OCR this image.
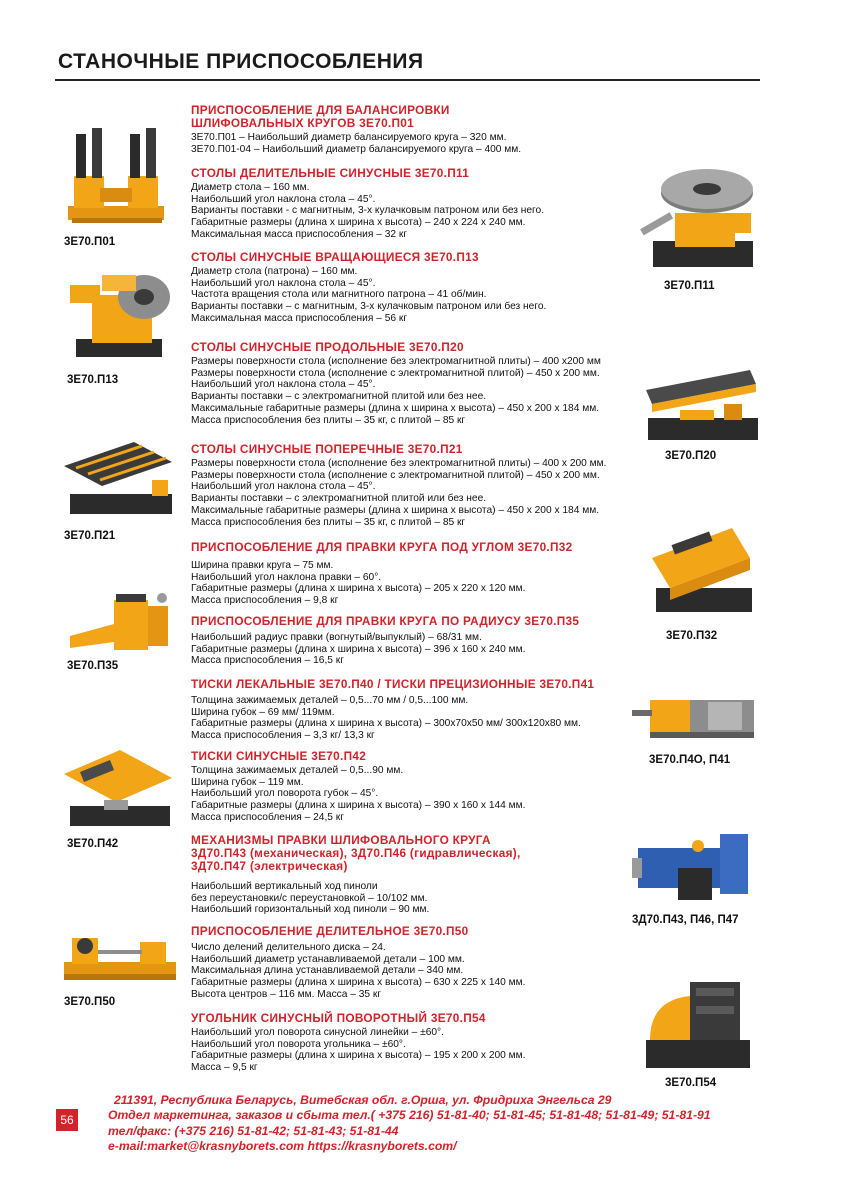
СТАНОЧНЫЕ ПРИСПОСОБЛЕНИЯ
ПРИСПОСОБЛЕНИЕ ДЛЯ БАЛАНСИРОВКИ
ШЛИФОВАЛЬНЫХ КРУГОВ 3Е70.П01
3Е70.П01 – Наибольший диаметр балансируемого круга – 320 мм.
3Е70.П01-04 – Наибольший диаметр балансируемого круга – 400 мм.
СТОЛЫ ДЕЛИТЕЛЬНЫЕ СИНУСНЫЕ 3Е70.П11
Диаметр стола – 160 мм.
Наибольший угол наклона стола – 45°.
Варианты поставки - с магнитным, 3-х кулачковым патроном или без него.
Габаритные размеры (длина х ширина х высота) – 240 х 224 х 240 мм.
Максимальная масса приспособления – 32 кг
СТОЛЫ СИНУСНЫЕ ВРАЩАЮЩИЕСЯ 3Е70.П13
Диаметр стола (патрона) – 160 мм.
Наибольший угол наклона стола – 45°.
Частота вращения стола или магнитного патрона – 41 об/мин.
Варианты поставки – с магнитным, 3-х кулачковым патроном или без него.
Максимальная масса приспособления – 56 кг
СТОЛЫ СИНУСНЫЕ ПРОДОЛЬНЫЕ 3Е70.П20
Размеры поверхности стола (исполнение без электромагнитной плиты) – 400 х200 мм
Размеры поверхности стола (исполнение с электромагнитной плитой) – 450 х 200 мм.
Наибольший угол наклона стола – 45°.
Варианты поставки – с электромагнитной плитой или без нее.
Максимальные габаритные размеры (длина х ширина х высота) – 450 х 200 х 184 мм.
Масса приспособления без плиты – 35 кг, с плитой – 85 кг
СТОЛЫ СИНУСНЫЕ ПОПЕРЕЧНЫЕ 3Е70.П21
Размеры поверхности стола (исполнение без электромагнитной плиты) – 400 х 200 мм.
Размеры поверхности стола (исполнение с электромагнитной плитой) – 450 х 200 мм.
Наибольший угол наклона стола – 45°.
Варианты поставки – с электромагнитной плитой или без нее.
Максимальные габаритные размеры (длина х ширина х высота) – 450 х 200 х 184 мм.
Масса приспособления без плиты – 35 кг, с плитой – 85 кг
ПРИСПОСОБЛЕНИЕ ДЛЯ ПРАВКИ КРУГА ПОД УГЛОМ 3Е70.П32
Ширина правки круга – 75 мм.
Наибольший угол наклона правки – 60°.
Габаритные размеры (длина х ширина х высота) – 205 х 220 х 120 мм.
Масса приспособления – 9,8 кг
ПРИСПОСОБЛЕНИЕ ДЛЯ ПРАВКИ КРУГА ПО РАДИУСУ 3Е70.П35
Наибольший радиус правки (вогнутый/выпуклый) – 68/31 мм.
Габаритные размеры (длина х ширина х высота) – 396 х 160 х 240 мм.
Масса приспособления – 16,5 кг
ТИСКИ ЛЕКАЛЬНЫЕ 3Е70.П40 / ТИСКИ ПРЕЦИЗИОННЫЕ 3Е70.П41
Толщина зажимаемых деталей – 0,5...70 мм / 0,5...100 мм.
Ширина губок – 69 мм/ 119мм.
Габаритные размеры (длина х ширина х высота) – 300х70х50 мм/ 300х120х80 мм.
Масса приспособления – 3,3 кг/ 13,3 кг
ТИСКИ СИНУСНЫЕ 3Е70.П42
Толщина зажимаемых деталей – 0,5...90 мм.
Ширина губок – 119 мм.
Наибольший угол поворота губок – 45°.
Габаритные размеры (длина х ширина х высота) – 390 х 160 х 144 мм.
Масса приспособления – 24,5 кг
МЕХАНИЗМЫ ПРАВКИ ШЛИФОВАЛЬНОГО КРУГА
3Д70.П43 (механическая), 3Д70.П46 (гидравлическая),
3Д70.П47 (электрическая)
Наибольший вертикальный ход пиноли
без переустановки/с переустановкой – 10/102 мм.
Наибольший горизонтальный ход пиноли – 90 мм.
ПРИСПОСОБЛЕНИЕ ДЕЛИТЕЛЬНОЕ 3Е70.П50
Число делений делительного диска – 24.
Наибольший диаметр устанавливаемой детали – 100 мм.
Максимальная длина устанавливаемой детали – 340 мм.
Габаритные размеры (длина х ширина х высота) – 630 х 225 х 140 мм.
Высота центров – 116 мм. Масса – 35 кг
УГОЛЬНИК СИНУСНЫЙ ПОВОРОТНЫЙ 3Е70.П54
Наибольший угол поворота синусной линейки – ±60°.
Наибольший угол поворота угольника – ±60°.
Габаритные размеры (длина х ширина х высота) – 195 х 200 х 200 мм.
Масса – 9,5 кг
3Е70.П01
3Е70.П11
3Е70.П13
3Е70.П20
3Е70.П21
3Е70.П32
3Е70.П35
3Е70.П4О, П41
3Е70.П42
3Д70.П43, П46, П47
3Е70.П50
3Е70.П54
56
211391, Республика Беларусь, Витебская обл. г.Орша, ул. Фридриха Энгельса 29
Отдел маркетинга, заказов и сбыта тел.( +375 216) 51-81-40; 51-81-45; 51-81-48; 51-81-49; 51-81-91
тел/факс: (+375 216) 51-81-42; 51-81-43; 51-81-44
e-mail:market@krasnyborets.com https://krasnyborets.com/
